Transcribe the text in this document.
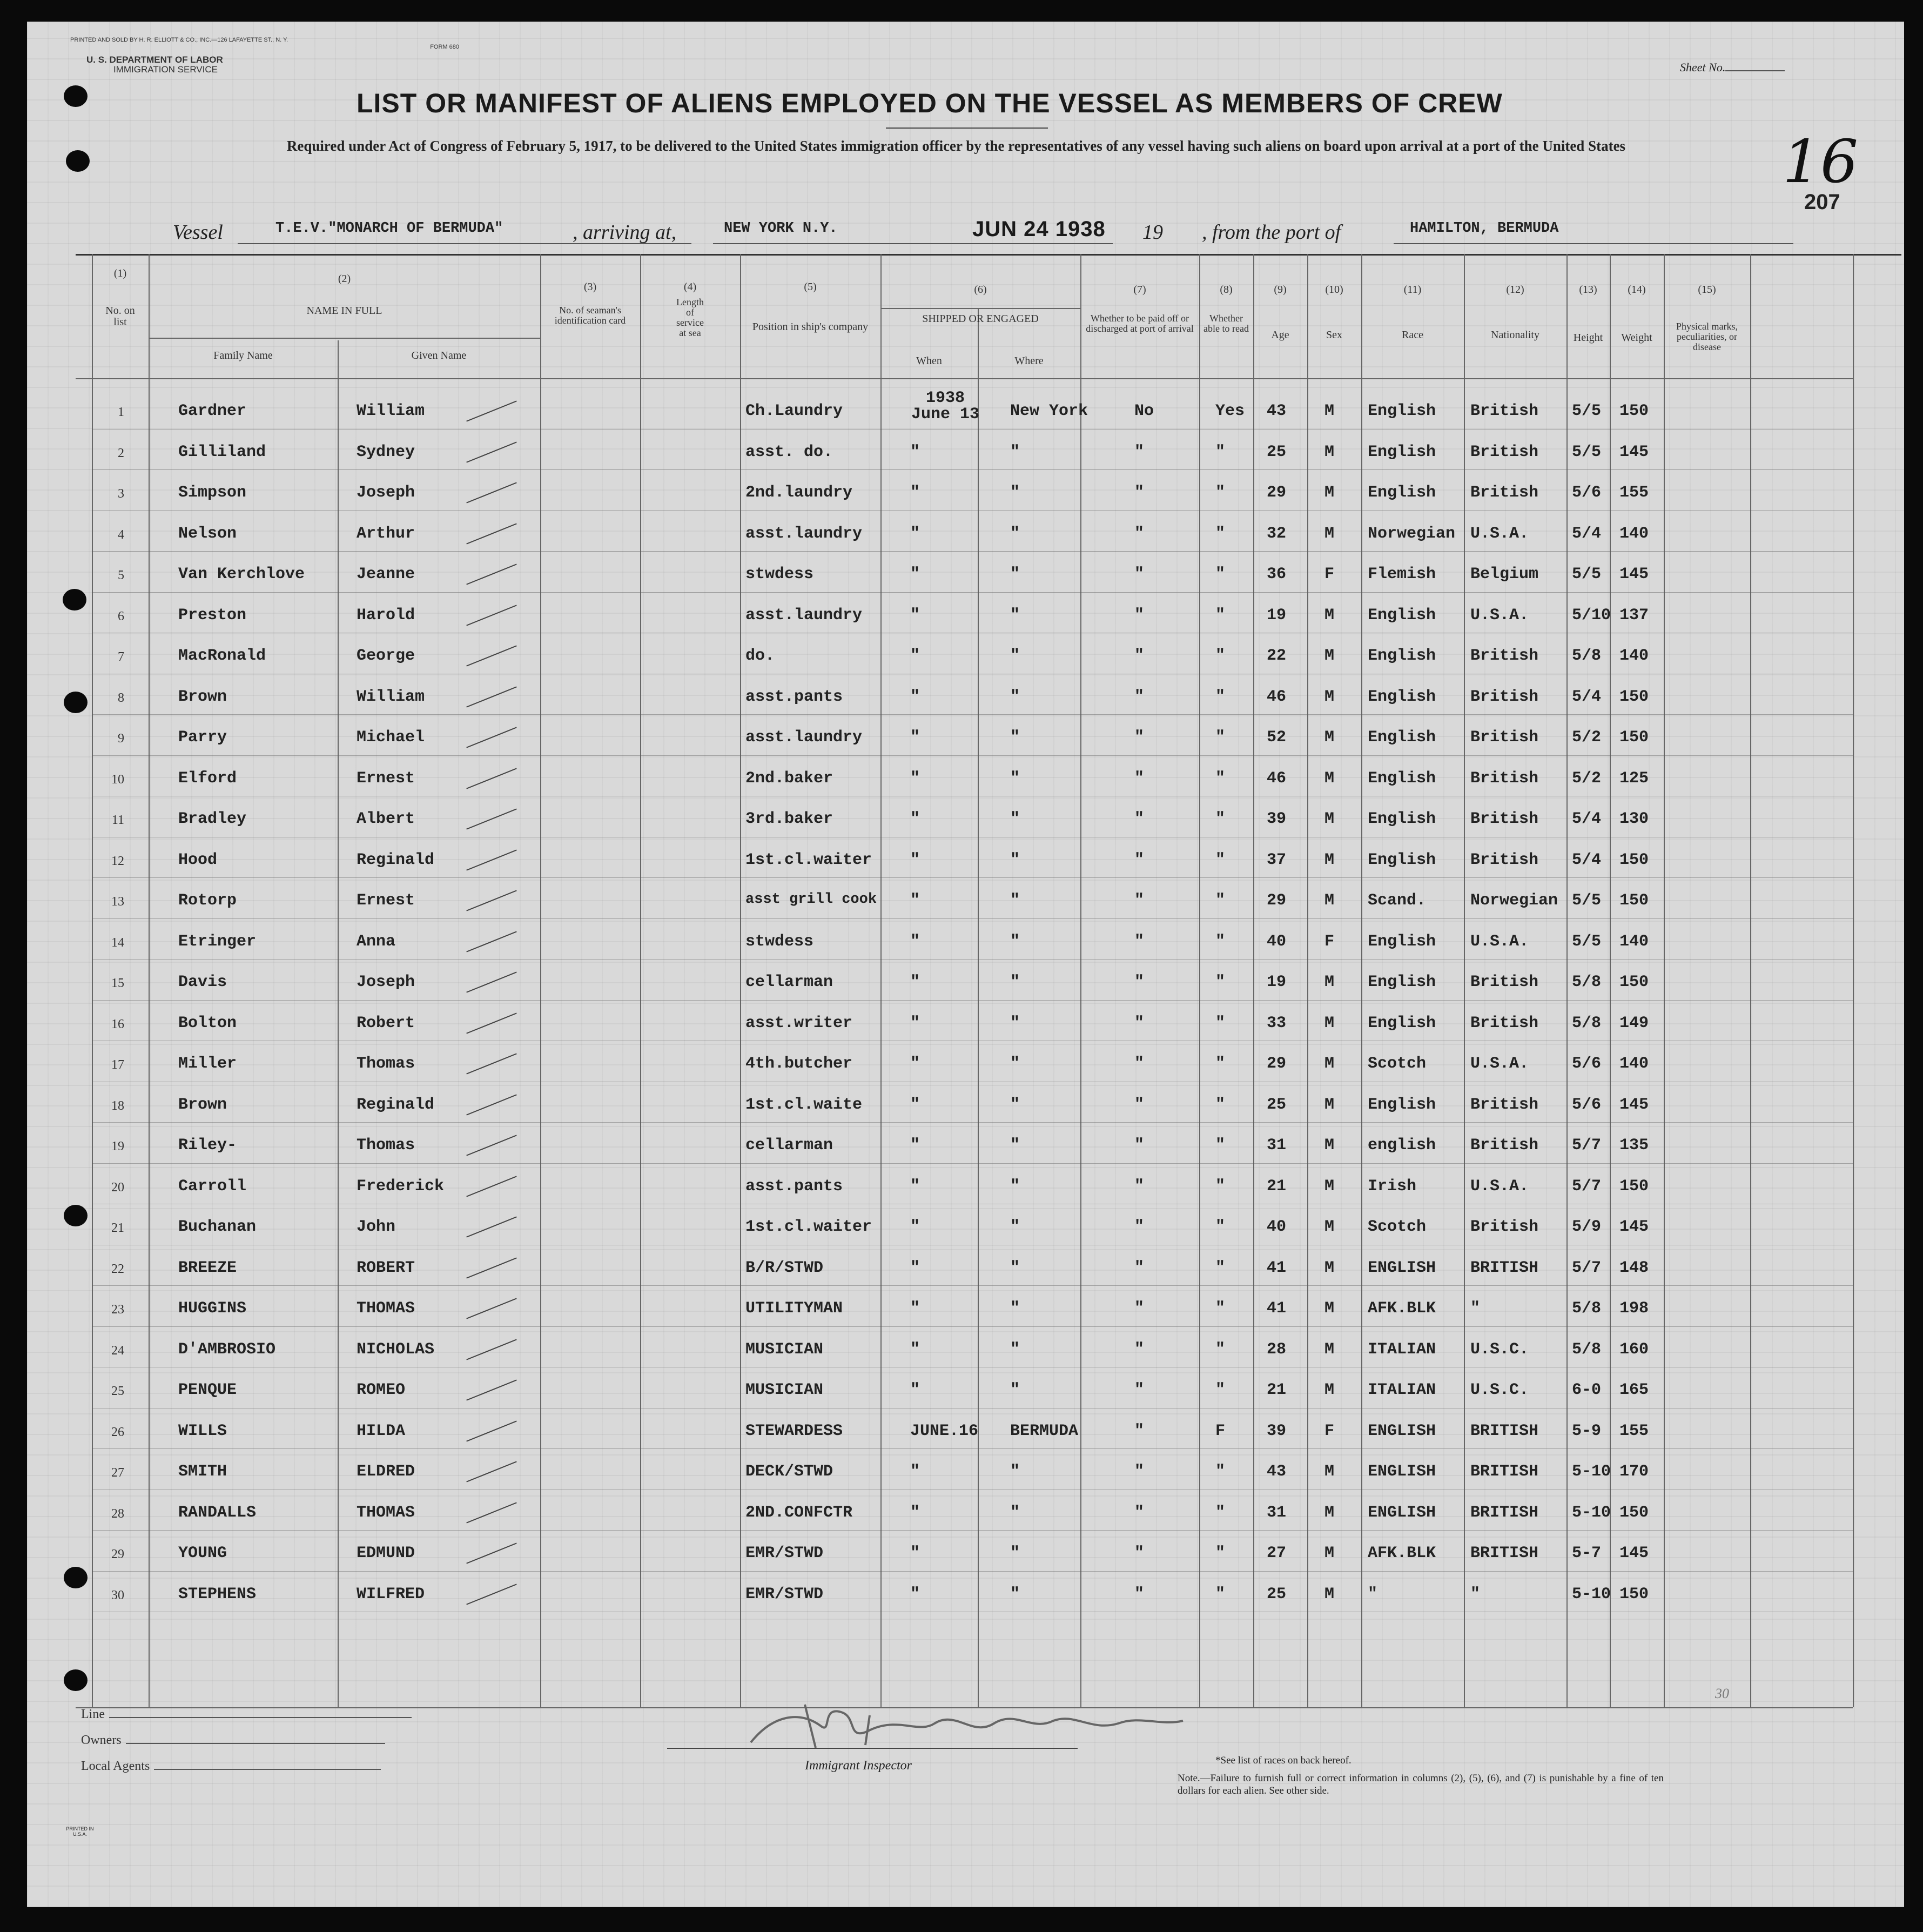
PRINTED AND SOLD BY H. R. ELLIOTT & CO., INC.—126 LAFAYETTE ST., N. Y.
FORM 680
U. S. DEPARTMENT OF LABOR
IMMIGRATION SERVICE	Sheet No.
LIST OR MANIFEST OF ALIENS EMPLOYED ON THE VESSEL AS MEMBERS OF CREW
Required under Act of Congress of February 5, 1917, to be delivered to the United States immigration officer by the representatives of any vessel having such aliens on board upon arrival at a port of the United States	16
207
Vessel	T.E.V."MONARCH OF BERMUDA"	, arriving at,	NEW YORK N.Y.	JUN 24 1938 19 , from the port of	HAMILTON, BERMUDA
(1)
No. on list
(2)
NAME IN FULL
Family Name	Given Name
(3)
No. of seaman's identification card
(4)
Length of service at sea
(5)
Position in ship's company
(6)
SHIPPED OR ENGAGED
When	Where
(7)
Whether to be paid off or discharged at port of arrival
(8)
Whether able to read
(9)
Age
(10)
Sex
(11)
Race
(12)
Nationality
(13)
Height
(14)
Weight
(15)
Physical marks, peculiarities, or disease
1	Gardner	William	Ch.Laundry
1938 June 13 New York	No	Yes 43 M English British 5/5 150
2	Gilliland	Sydney	asst. do.	"	"	"	"	25 M English British 5/5 145
3	Simpson	Joseph	2nd.laundry	"	"	"	"	29 M English British 5/6 155
4	Nelson	Arthur	asst.laundry	"	"	"	"	32 M Norwegian U.S.A.	5/4 140
5	Van Kerchlove	Jeanne	stwdess	"	"	"	"	36 F Flemish Belgium 5/5 145
6	Preston	Harold	asst.laundry	"	"	"	"	19 M English U.S.A.	5/10 137
7	MacRonald	George	do.	"	"	"	"	22 M English British 5/8 140
8	Brown	William	asst.pants	"	"	"	"	46 M English British 5/4 150
9	Parry	Michael	asst.laundry	"	"	"	"	52 M English British 5/2 150
10	Elford	Ernest	2nd.baker	"	"	"	"	46 M English British 5/2 125
11	Bradley	Albert	3rd.baker	"	"	"	"	39 M English British 5/4 130
12	Hood	Reginald	1st.cl.waiter "	"	"	"	37 M English British 5/4 150
13	Rotorp	Ernest	asst grill cook "	"	"	"	29 M Scand.	Norwegian 5/5 150
14	Etringer	Anna	stwdess	"	"	"	"	40 F English U.S.A.	5/5 140
15	Davis	Joseph	cellarman	"	"	"	"	19 M English British 5/8 150
16	Bolton	Robert	asst.writer	"	"	"	"	33 M English British 5/8 149
17	Miller	Thomas	4th.butcher	"	"	"	"	29 M Scotch	U.S.A.	5/6 140
18	Brown	Reginald	1st.cl.waite	"	"	"	"	25 M English British 5/6 145
19	Riley-	Thomas	cellarman	"	"	"	"	31 M english British 5/7 135
20	Carroll	Frederick	asst.pants	"	"	"	"	21 M Irish	U.S.A.	5/7 150
21	Buchanan	John	1st.cl.waiter "	"	"	"	40 M Scotch	British 5/9 145
22	BREEZE	ROBERT	B/R/STWD	"	"	"	"	41 M ENGLISH BRITISH 5/7 148
23	HUGGINS	THOMAS	UTILITYMAN	"	"	"	"	41 M AFK.BLK "	5/8 198
24	D'AMBROSIO	NICHOLAS	MUSICIAN	"	"	"	"	28 M ITALIAN U.S.C.	5/8 160
25	PENQUE	ROMEO	MUSICIAN	"	"	"	"	21 M ITALIAN U.S.C.	6-0 165
26	WILLS	HILDA	STEWARDESS	JUNE.16 BERMUDA	"	F	39 F ENGLISH BRITISH 5-9 155
27	SMITH	ELDRED	DECK/STWD	"	"	"	"	43 M ENGLISH BRITISH 5-10 170
28	RANDALLS	THOMAS	2ND.CONFCTR	"	"	"	"	31 M ENGLISH BRITISH 5-10 150
29	YOUNG	EDMUND	EMR/STWD	"	"	"	"	27 M AFK.BLK BRITISH 5-7 145
30	STEPHENS	WILFRED	EMR/STWD	"	"	"	"	25 M "	"	5-10 150
Line
Owners
Local Agents	Immigrant Inspector
30
*See list of races on back hereof.
Note.—Failure to furnish full or correct information in columns (2), (5), (6), and (7) is punishable by a fine of ten dollars for each alien. See other side.
PRINTED IN U.S.A.
